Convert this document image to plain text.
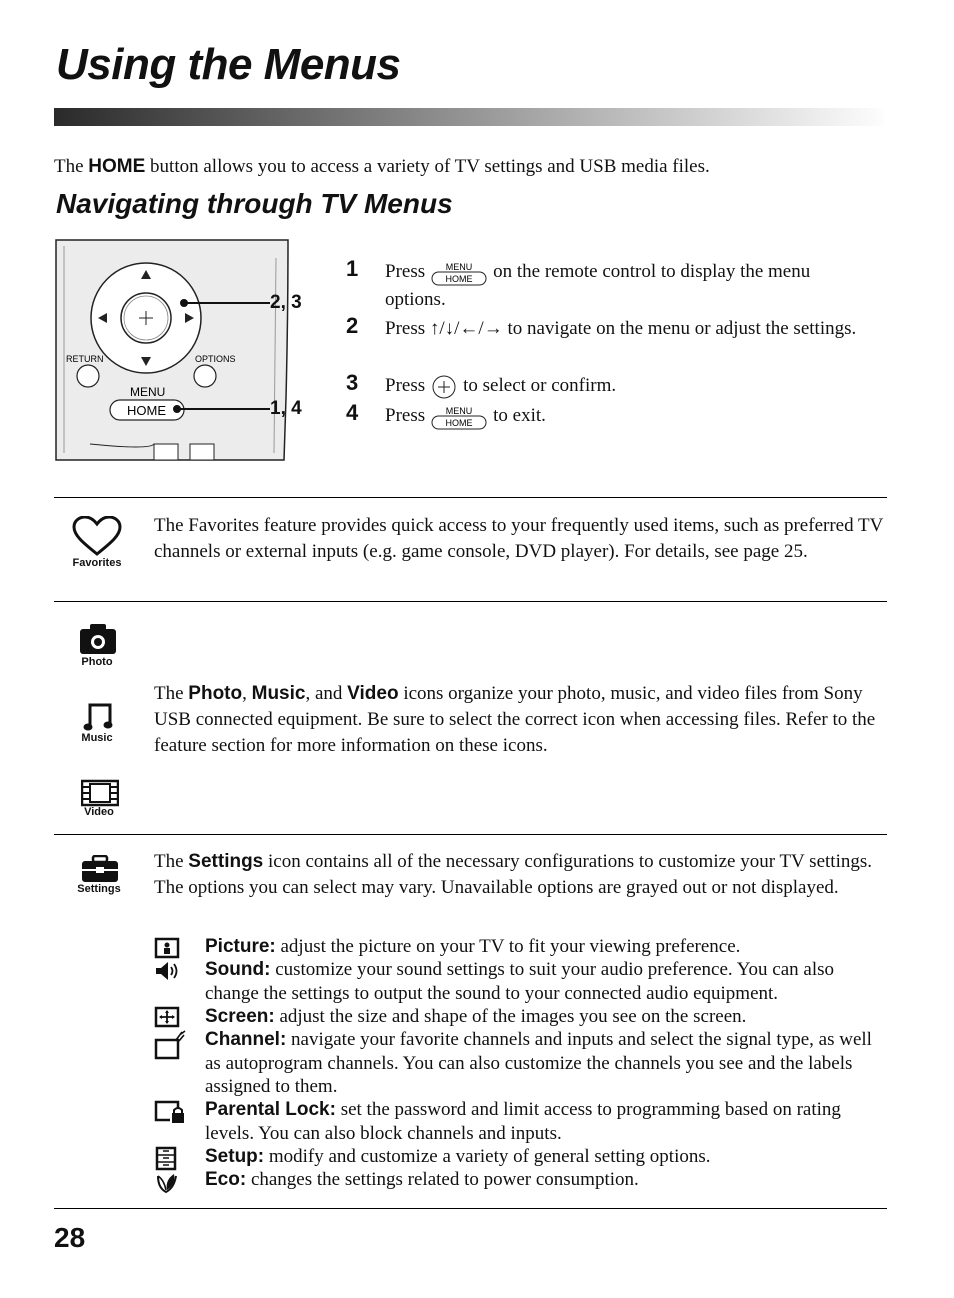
Using the Menus
The HOME button allows you to access a variety of TV settings and USB media files.
Navigating through TV Menus
RETURN	OPTIONS
MENU
HOME
2, 3
1, 4
1 Press MENU
HOME on the remote control to display the menu options.
2 Press ↑/↓/←/→ to navigate on the menu or adjust the settings.
3 Press to select or confirm.
4 Press MENU
HOME to exit.
Favorites
The Favorites feature provides quick access to your frequently used items, such as preferred TV channels or external inputs (e.g. game console, DVD player). For details, see page 25.
Photo
Music
Video
The Photo, Music, and Video icons organize your photo, music, and video files from Sony USB connected equipment. Be sure to select the correct icon when accessing files. Refer to the feature section for more information on these icons.
Settings
The Settings icon contains all of the necessary configurations to customize your TV settings. The options you can select may vary. Unavailable options are grayed out or not displayed.
Picture: adjust the picture on your TV to fit your viewing preference.
Sound: customize your sound settings to suit your audio preference. You can also change the settings to output the sound to your connected audio equipment.
Screen: adjust the size and shape of the images you see on the screen.
Channel: navigate your favorite channels and inputs and select the signal type, as well as autoprogram channels. You can also customize the channels you see and the labels assigned to them.
Parental Lock: set the password and limit access to programming based on rating levels. You can also block channels and inputs.
Setup: modify and customize a variety of general setting options.
Eco: changes the settings related to power consumption.
28
